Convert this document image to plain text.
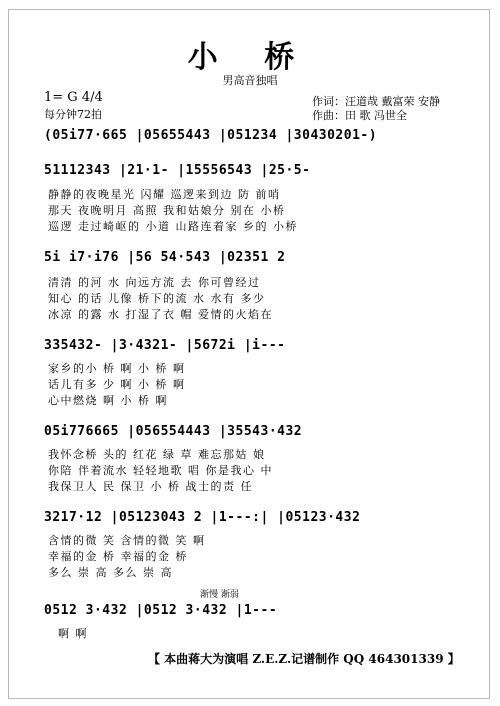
小 桥
男高音独唱
1= G 4/4
每分钟72拍
作词：汪道哉 戴富荣 安静
作曲：田 歌 冯世全
(05i77·665 |05655443 |051234 |30430201-)
51112343 |21·1- |15556543 |25·5-
静静的夜晚星光 闪耀 巡逻来到边 防 前哨
那天 夜晚明月 高照 我和姑娘分 别在 小桥
巡逻 走过崎岖的 小道 山路连着家 乡的 小桥
5i i7·i76 |56 54·543 |02351 2
清清 的河 水 向远方流 去 你可曾经过
知心 的话 儿像 桥下的流 水 水有 多少
冰凉 的露 水 打湿了衣 帽 爱情的火焰在
335432- |3·4321- |5672i |i---
家乡的小 桥 啊 小 桥 啊
话儿有多 少 啊 小 桥 啊
心中燃烧 啊 小 桥 啊
05i776665 |056554443 |35543·432
我怀念桥 头的 红花 绿 草 难忘那姑 娘
你陪 伴着流水 轻轻地歌 唱 你是我心 中
我保卫人 民 保卫 小 桥 战士的责 任
3217·12 |05123043 2 |1---:| |05123·432
含情的微 笑 含情的微 笑 啊
幸福的金 桥 幸福的金 桥
多么 崇 高 多么 崇 高
渐慢 渐弱
0512 3·432 |0512 3·432 |1---
啊 啊
【 本曲蒋大为演唱 Z.E.Z.记谱制作 QQ 464301339 】
